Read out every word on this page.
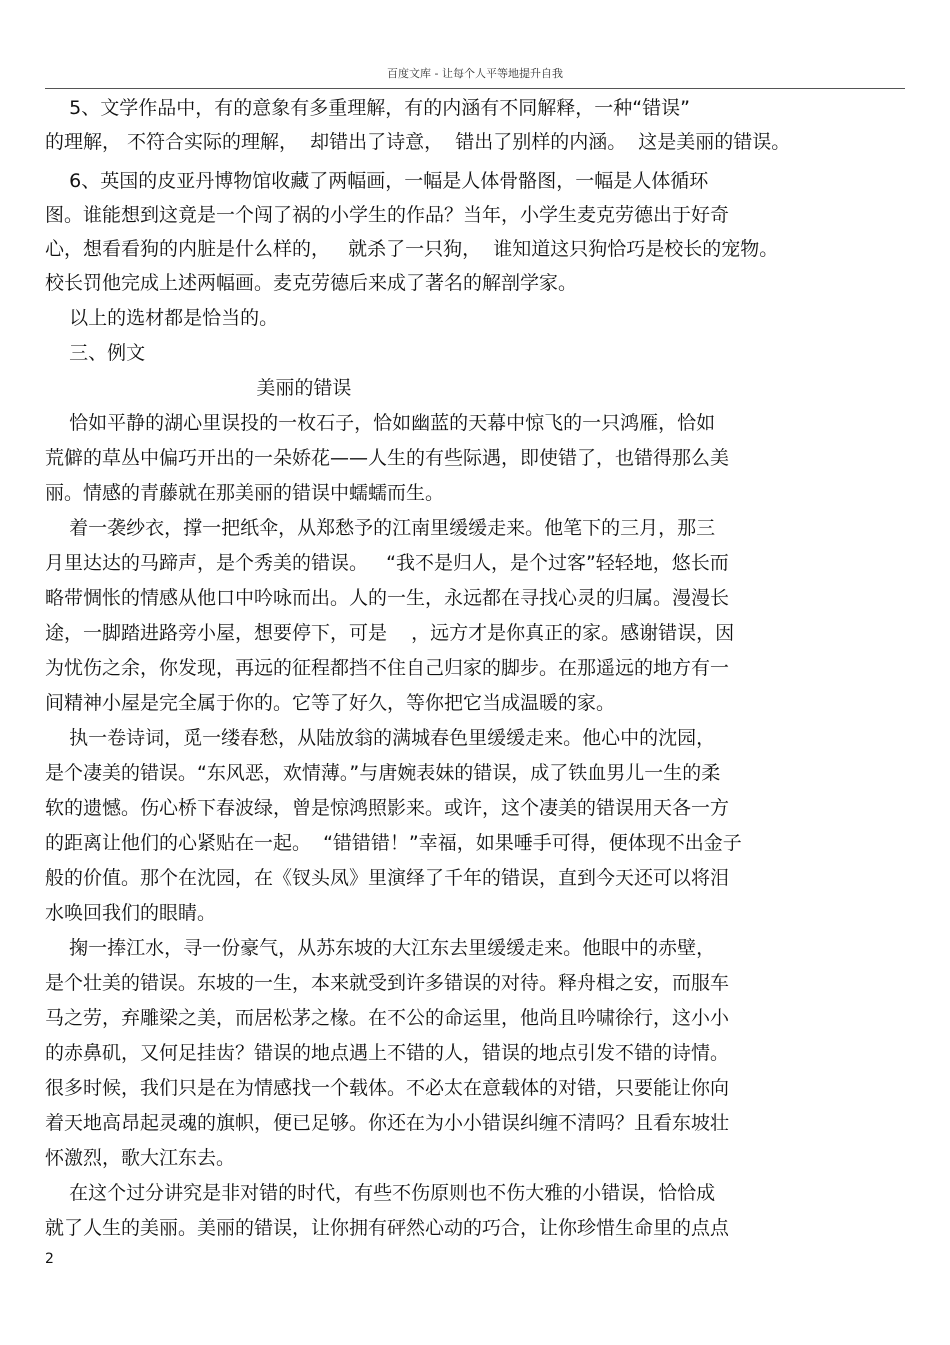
百度文库 - 让每个人平等地提升自我
5、文学作品中，有的意象有多重理解，有的内涵有不同解释，一种“错误”
的理解， 不符合实际的理解，  却错出了诗意，  错出了别样的内涵。  这是美丽的错误。
6、英国的皮亚丹博物馆收藏了两幅画，一幅是人体骨骼图，一幅是人体循环
图。谁能想到这竟是一个闯了祸的小学生的作品？当年，小学生麦克劳德出于好奇
心，想看看狗的内脏是什么样的，   就杀了一只狗，  谁知道这只狗恰巧是校长的宠物。
校长罚他完成上述两幅画。麦克劳德后来成了著名的解剖学家。
以上的选材都是恰当的。
三、例文
美丽的错误
恰如平静的湖心里误投的一枚石子，恰如幽蓝的天幕中惊飞的一只鸿雁，恰如
荒僻的草丛中偏巧开出的一朵娇花——人生的有些际遇，即使错了，也错得那么美
丽。情感的青藤就在那美丽的错误中蠕蠕而生。
着一袭纱衣，撑一把纸伞，从郑愁予的江南里缓缓走来。他笔下的三月，那三
月里达达的马蹄声，是个秀美的错误。   “我不是归人，是个过客”轻轻地，悠长而
略带惆怅的情感从他口中吟咏而出。人的一生，永远都在寻找心灵的归属。漫漫长
途，一脚踏进路旁小屋，想要停下，可是    ，远方才是你真正的家。感谢错误，因
为忧伤之余，你发现，再远的征程都挡不住自己归家的脚步。在那遥远的地方有一
间精神小屋是完全属于你的。它等了好久，等你把它当成温暖的家。
执一卷诗词，觅一缕春愁，从陆放翁的满城春色里缓缓走来。他心中的沈园，
是个凄美的错误。“东风恶，欢情薄。”与唐婉表妹的错误，成了铁血男儿一生的柔
软的遗憾。伤心桥下春波绿，曾是惊鸿照影来。或许，这个凄美的错误用天各一方
的距离让他们的心紧贴在一起。  “错错错！”幸福，如果唾手可得，便体现不出金子
般的价值。那个在沈园，在《钗头凤》里演绎了千年的错误，直到今天还可以将泪
水唤回我们的眼睛。
掬一捧江水，寻一份豪气，从苏东坡的大江东去里缓缓走来。他眼中的赤壁，
是个壮美的错误。东坡的一生，本来就受到许多错误的对待。释舟楫之安，而服车
马之劳，弃雕梁之美，而居松茅之椽。在不公的命运里，他尚且吟啸徐行，这小小
的赤鼻矶，又何足挂齿？错误的地点遇上不错的人，错误的地点引发不错的诗情。
很多时候，我们只是在为情感找一个载体。不必太在意载体的对错，只要能让你向
着天地高昂起灵魂的旗帜，便已足够。你还在为小小错误纠缠不清吗？且看东坡壮
怀激烈，歌大江东去。
在这个过分讲究是非对错的时代，有些不伤原则也不伤大雅的小错误，恰恰成
就了人生的美丽。美丽的错误，让你拥有砰然心动的巧合，让你珍惜生命里的点点
2
